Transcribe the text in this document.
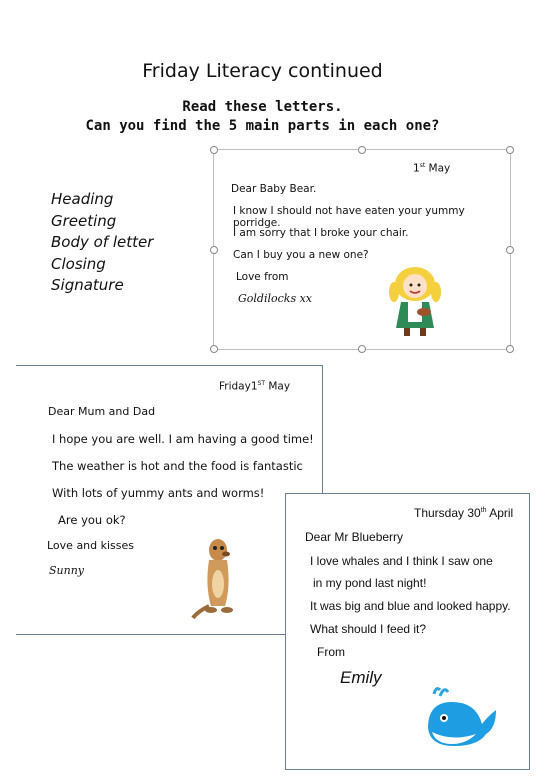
Friday Literacy continued
Read these letters.
Can you find the 5 main parts in each one?
Heading
Greeting
Body of letter
Closing
Signature
1st May
Dear Baby Bear.
I know I should not have eaten your yummy porridge.
I am sorry that I broke your chair.
Can I buy you a new one?
Love from
Goldilocks xx
Friday1ST May
Dear Mum and Dad
I hope you are well. I am having a good time!
The weather is hot and the food is fantastic
With lots of yummy ants and worms!
Are you ok?
Love and kisses
Sunny
Thursday 30th April
Dear Mr Blueberry
I love whales and I think I saw one
in my pond last night!
It was big and blue and looked happy.
What should I feed it?
From
Emily
